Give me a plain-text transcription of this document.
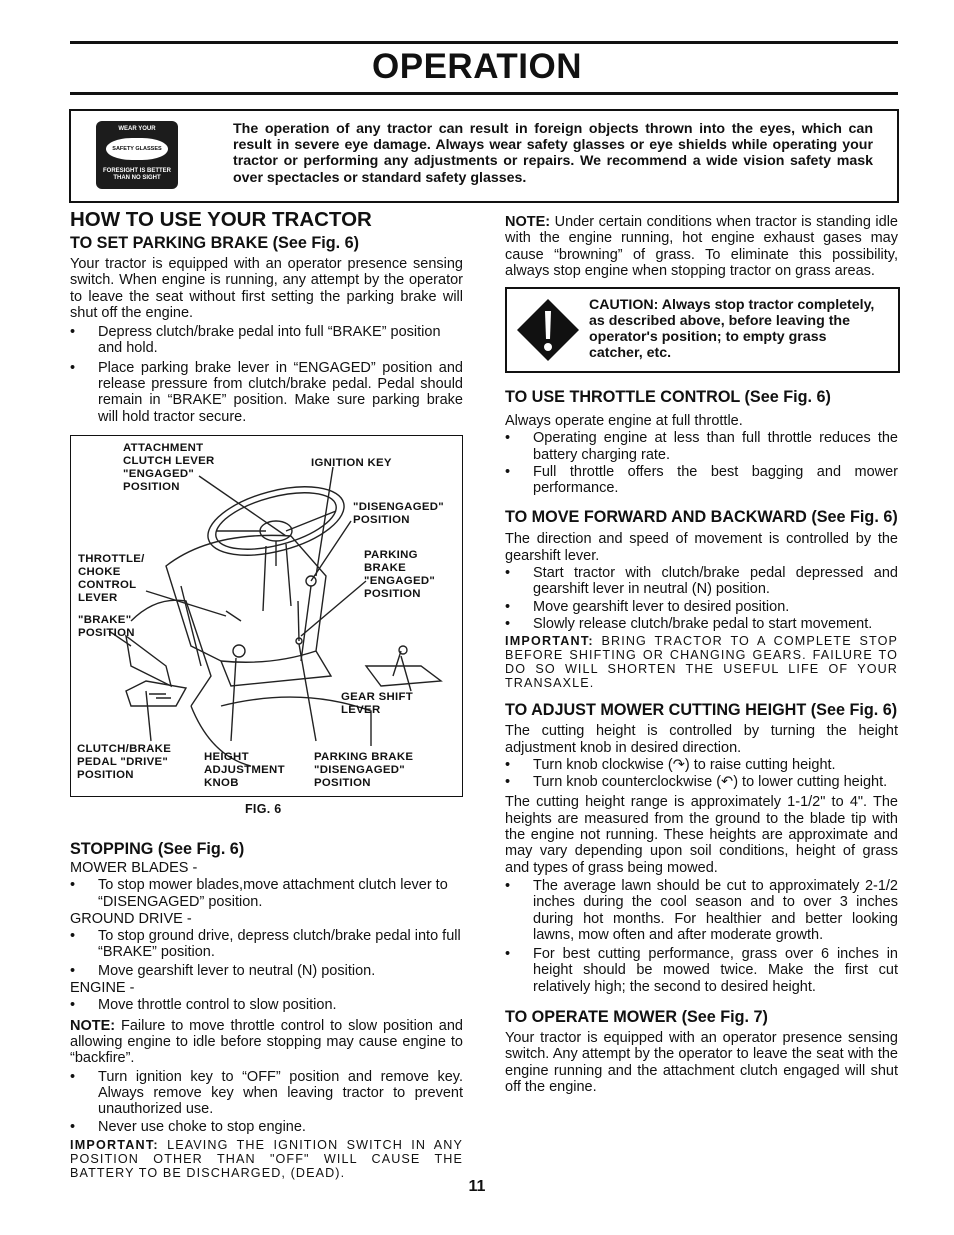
OPERATION
WEAR YOUR
SAFETY GLASSES
FORESIGHT IS BETTER THAN NO SIGHT
The operation of any tractor can result in foreign objects thrown into the eyes, which can result in severe eye damage. Always wear safety glasses or eye shields while operating your tractor or performing any adjustments or repairs. We recommend a wide vision safety mask over spectacles or standard safety glasses.
HOW TO USE YOUR TRACTOR
TO SET PARKING BRAKE (See Fig. 6)

Your tractor is equipped with an operator presence sensing switch. When engine is running, any attempt by the operator to leave the seat without first setting the parking brake will shut off the engine.

• Depress clutch/brake pedal into full “BRAKE” position and hold.

• Place parking brake lever in “ENGAGED” position and release pressure from clutch/brake pedal. Pedal should remain in “BRAKE” position. Make sure parking brake will hold tractor secure.

ATTACHMENT CLUTCH LEVER "ENGAGED" POSITION
IGNITION KEY
"DISENGAGED" POSITION
THROTTLE/ CHOKE CONTROL LEVER
PARKING BRAKE "ENGAGED" POSITION
"BRAKE" POSITION
GEAR SHIFT LEVER
CLUTCH/BRAKE PEDAL "DRIVE" POSITION
HEIGHT ADJUSTMENT KNOB
PARKING BRAKE "DISENGAGED" POSITION
FIG. 6
STOPPING (See Fig. 6)

MOWER BLADES -

• To stop mower blades,move attachment clutch lever to “DISENGAGED” position.

GROUND DRIVE -

• To stop ground drive, depress clutch/brake pedal into full “BRAKE” position.

• Move gearshift lever to neutral (N) position.

ENGINE -

• Move throttle control to slow position.

NOTE: Failure to move throttle control to slow position and allowing engine to idle before stopping may cause engine to “backfire”.

• Turn ignition key to “OFF” position and remove key. Always remove key when leaving tractor to prevent unauthorized use.

• Never use choke to stop engine.

IMPORTANT: LEAVING THE IGNITION SWITCH IN ANY POSITION OTHER THAN "OFF" WILL CAUSE THE BATTERY TO BE DISCHARGED, (DEAD).

NOTE: Under certain conditions when tractor is standing idle with the engine running, hot engine exhaust gases may cause “browning” of grass. To eliminate this possibility, always stop engine when stopping tractor on grass areas.

CAUTION: Always stop tractor completely, as described above, before leaving the operator's position; to empty grass catcher, etc.
TO USE THROTTLE CONTROL (See Fig. 6)

Always operate engine at full throttle.

• Operating engine at less than full throttle reduces the battery charging rate.

• Full throttle offers the best bagging and mower performance.

TO MOVE FORWARD AND BACKWARD (See Fig. 6)

The direction and speed of movement is controlled by the gearshift lever.

• Start tractor with clutch/brake pedal depressed and gearshift lever in neutral (N) position.

• Move gearshift lever to desired position.

• Slowly release clutch/brake pedal to start movement.

IMPORTANT: BRING TRACTOR TO A COMPLETE STOP BEFORE SHIFTING OR CHANGING GEARS. FAILURE TO DO SO WILL SHORTEN THE USEFUL LIFE OF YOUR TRANSAXLE.

TO ADJUST MOWER CUTTING HEIGHT (See Fig. 6)

The cutting height is controlled by turning the height adjustment knob in desired direction.

• Turn knob clockwise (↷) to raise cutting height.

• Turn knob counterclockwise (↶) to lower cutting height.

The cutting height range is approximately 1-1/2" to 4". The heights are measured from the ground to the blade tip with the engine not running. These heights are approximate and may vary depending upon soil conditions, height of grass and types of grass being mowed.

• The average lawn should be cut to approximately 2-1/2 inches during the cool season and to over 3 inches during hot months. For healthier and better looking lawns, mow often and after moderate growth.

• For best cutting performance, grass over 6 inches in height should be mowed twice. Make the first cut relatively high; the second to desired height.

TO OPERATE MOWER (See Fig. 7)

Your tractor is equipped with an operator presence sensing switch. Any attempt by the operator to leave the seat with the engine running and the attachment clutch engaged will shut off the engine.

11
